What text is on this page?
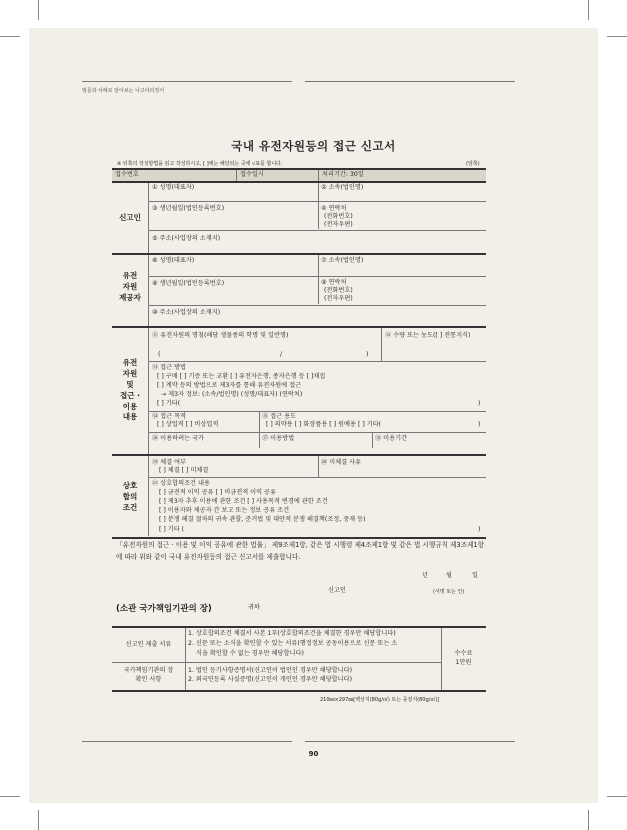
범문과 사례로 알아보는 나고야의정서
국내 유전자원등의 접근 신고서
※ 뒤쪽의 작성방법을 읽고 작성하시고, [ ]에는 해당되는 곳에 √표를 합니다.	(앞쪽)
접수번호	접수일시	처리기간: 30일
신고인
① 성명(대표자)	② 소속(법인명)
③ 생년월일(법인등록번호)	④ 연락처
(전화번호)
(전자우편)
⑤ 주소(사업장의 소재지)
유전
자원
제공자
⑥ 성명(대표자)	⑦ 소속(법인명)
⑧ 생년월일(법인등록번호)	⑨ 연락처
(전화번호)
(전자우편)
⑩ 주소(사업장의 소재지)
유전
자원
및
접근 ·
이용
내용
⑪ 유전자원의 명칭(해당 생물종의 학명 및 일반명)	⑫ 수량 또는 농도([ ] 전통지식)
(	/	)
⑬ 접근 방법
[ ] 구매 [ ] 기증 또는 교환 [ ] 유전자은행, 종자은행 등 [ ]채집
[ ] 계약 등의 방법으로 제3자를 통해 유전자원에 접근
→ 제3자 정보: (소속/법인명) (성명/대표자) (연락처)
[ ] 기타(	)
⑭ 접근 목적
[ ] 상업적 [ ] 비상업적
⑮ 접근 용도
[ ] 의약용 [ ] 화장품용 [ ] 원예용 [ ] 기타(	)
⑯ 이용하려는 국가	⑰ 이용방법	⑱ 이용기간
상호
합의
조건
⑲ 체결 여부
[ ] 체결 [ ] 미체결
⑳ 미체결 사유
㉑ 상호합의조건 내용
[ ] 금전적 이익 공유 [ ] 비금전적 이익 공유
[ ] 제3자 추후 이용에 관한 조건 [ ] 사용목적 변경에 관한 조건
[ ] 이용자와 제공자 간 보고 또는 정보 공유 조건
[ ] 분쟁 해결 절차의 귀속 관할, 준거법 및 대안적 분쟁 해결책(조정, 중재 등)
[ ] 기타 (	)
「유전자원의 접근 · 이용 및 이익 공유에 관한 법률」 제9조제1항, 같은 법 시행령 제4조제1항 및 같은 법 시행규칙 제3조제1항에 따라 위와 같이 국내 유전자원등의 접근 신고서를 제출합니다.
년	월	일
신고인	(서명 또는 인)
(소관 국가책임기관의 장)	귀하
신고인 제출 서류
1. 상호합의조건 체결서 사본 1부(상호합의조건을 체결한 경우만 해당합니다)
2. 신문 또는 소식을 확인할 수 있는 서류(행정정보 공동이용으로 신문 또는 소
식을 확인할 수 없는 경우만 해당합니다)	수수료
1만원
국가책임기관의 장
확인 사항
1. 법인 등기사항증명서(신고인이 법인인 경우만 해당합니다)
2. 외국인등록 사실증명(신고인이 개인인 경우만 해당합니다)
210㎜×297㎜[백상지(80g/㎡) 또는 중질지(80g/㎡)]
90
